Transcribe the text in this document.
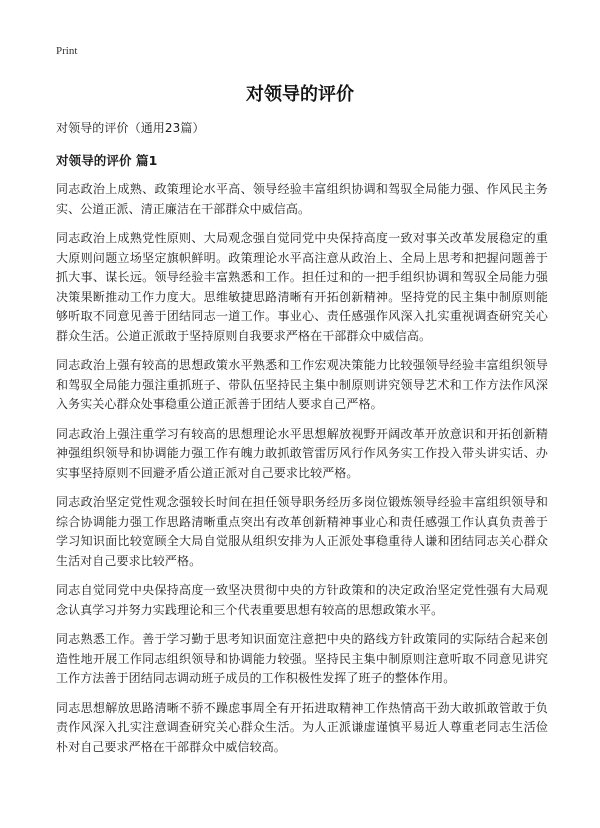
Print
对领导的评价
对领导的评价（通用23篇）
对领导的评价 篇1

同志政治上成熟、政策理论水平高、领导经验丰富组织协调和驾驭全局能力强、作风民主务实、公道正派、清正廉洁在干部群众中威信高。

同志政治上成熟党性原则、大局观念强自觉同党中央保持高度一致对事关改革发展稳定的重大原则问题立场坚定旗帜鲜明。政策理论水平高注意从政治上、全局上思考和把握问题善于抓大事、谋长远。领导经验丰富熟悉和工作。担任过和的一把手组织协调和驾驭全局能力强决策果断推动工作力度大。思维敏捷思路清晰有开拓创新精神。坚持党的民主集中制原则能够听取不同意见善于团结同志一道工作。事业心、责任感强作风深入扎实重视调查研究关心群众生活。公道正派敢于坚持原则自我要求严格在干部群众中威信高。

同志政治上强有较高的思想政策水平熟悉和工作宏观决策能力比较强领导经验丰富组织领导和驾驭全局能力强注重抓班子、带队伍坚持民主集中制原则讲究领导艺术和工作方法作风深入务实关心群众处事稳重公道正派善于团结人要求自己严格。

同志政治上强注重学习有较高的思想理论水平思想解放视野开阔改革开放意识和开拓创新精神强组织领导和协调能力强工作有魄力敢抓敢管雷厉风行作风务实工作投入带头讲实话、办实事坚持原则不回避矛盾公道正派对自己要求比较严格。

同志政治坚定党性观念强较长时间在担任领导职务经历多岗位锻炼领导经验丰富组织领导和综合协调能力强工作思路清晰重点突出有改革创新精神事业心和责任感强工作认真负责善于学习知识面比较宽顾全大局自觉服从组织安排为人正派处事稳重待人谦和团结同志关心群众生活对自己要求比较严格。

同志自觉同党中央保持高度一致坚决贯彻中央的方针政策和的决定政治坚定党性强有大局观念认真学习并努力实践理论和三个代表重要思想有较高的思想政策水平。

同志熟悉工作。善于学习勤于思考知识面宽注意把中央的路线方针政策同的实际结合起来创造性地开展工作同志组织领导和协调能力较强。坚持民主集中制原则注意听取不同意见讲究工作方法善于团结同志调动班子成员的工作积极性发挥了班子的整体作用。

同志思想解放思路清晰不骄不躁虑事周全有开拓进取精神工作热情高干劲大敢抓敢管敢于负责作风深入扎实注意调查研究关心群众生活。为人正派谦虚谨慎平易近人尊重老同志生活俭朴对自己要求严格在干部群众中威信较高。
